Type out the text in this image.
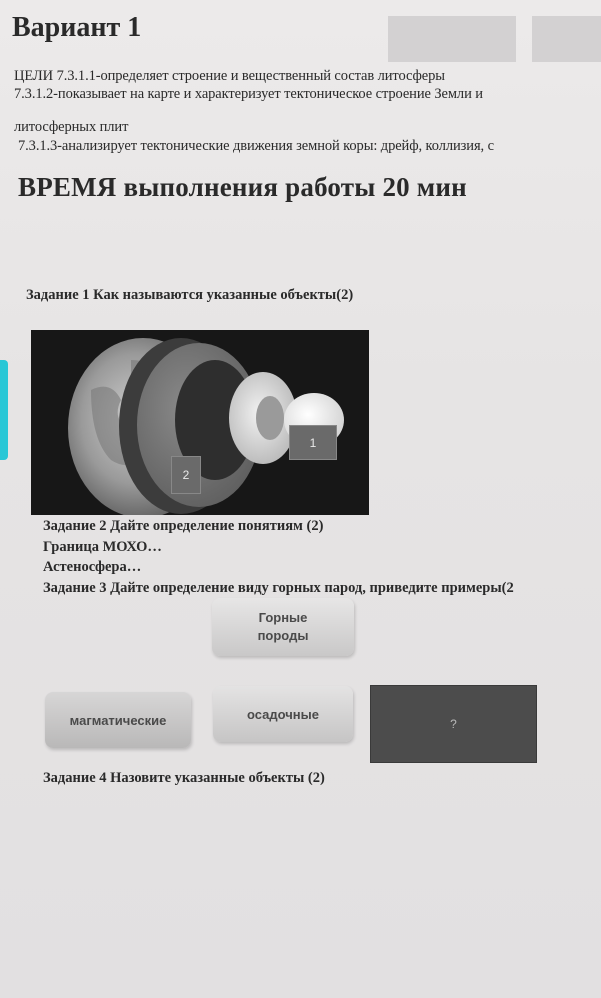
Вариант 1
ЦЕЛИ 7.3.1.1-определяет строение и вещественный состав литосферы
7.3.1.2-показывает на карте и характеризует тектоническое строение Земли и
литосферных плит
7.3.1.3-анализирует тектонические движения земной коры: дрейф, коллизия, с
ВРЕМЯ выполнения работы 20 мин
Задание 1 Как называются указанные объекты(2)
1
2
Задание 2 Дайте определение понятиям (2)
Граница МОХО…
Астеносфера…
Задание 3 Дайте определение виду горных парод, приведите примеры(2
Горные породы
магматические	осадочные
?
Задание 4 Назовите указанные объекты (2)
